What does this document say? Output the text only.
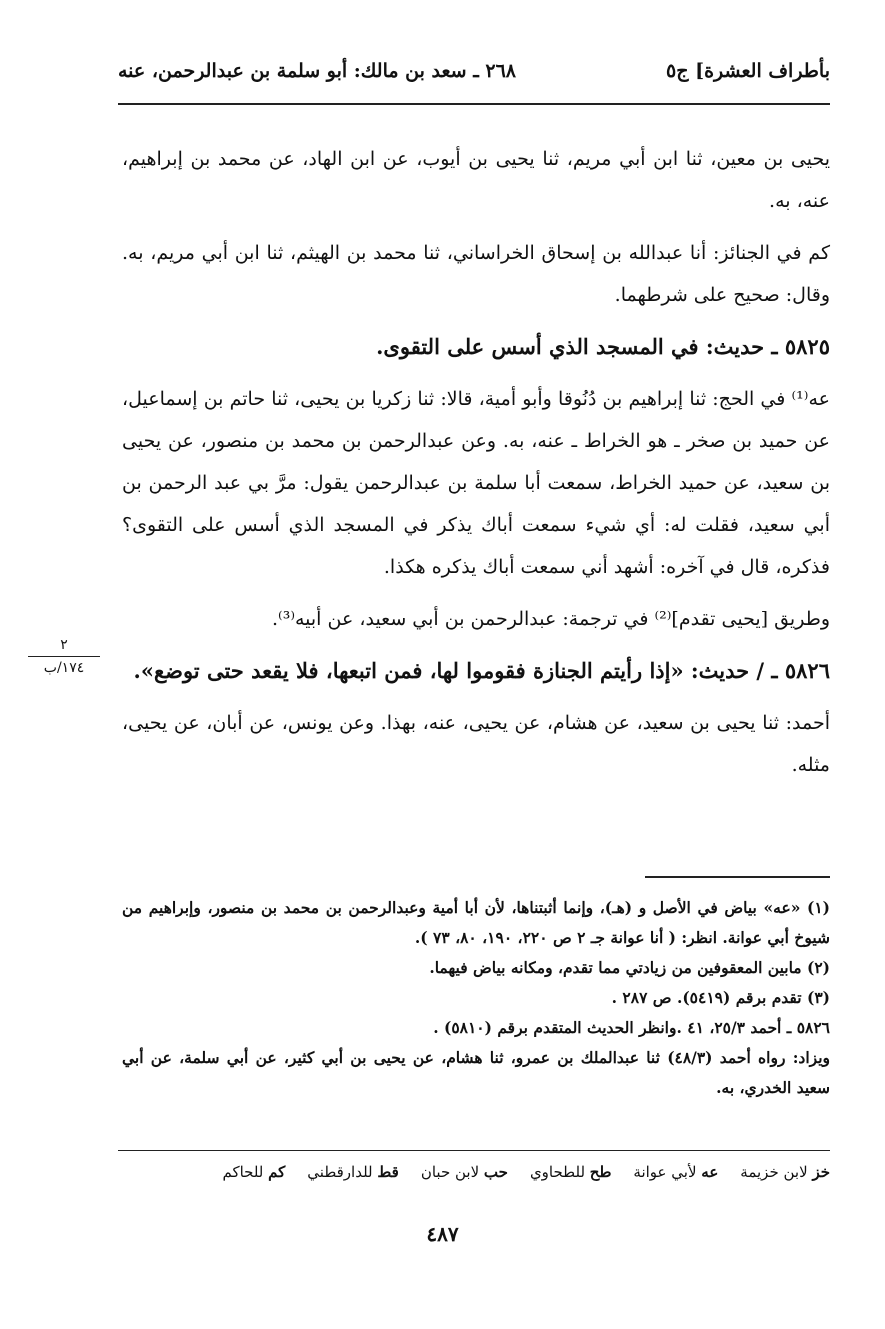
بأطراف العشرة] ج٥
٢٦٨ ـ سعد بن مالك: أبو سلمة بن عبدالرحمن، عنه

يحيى بن معين، ثنا ابن أبي مريم، ثنا يحيى بن أيوب، عن ابن الهاد، عن محمد بن إبراهيم، عنه، به.

كم في الجنائز: أنا عبدالله بن إسحاق الخراساني، ثنا محمد بن الهيثم، ثنا ابن أبي مريم، به. وقال: صحيح على شرطهما.

٥٨٢٥ ـ حديث: في المسجد الذي أسس على التقوى.

عه⁽¹⁾ في الحج: ثنا إبراهيم بن دُنُوقا وأبو أمية، قالا: ثنا زكريا بن يحيى، ثنا حاتم بن إسماعيل، عن حميد بن صخر ـ هو الخراط ـ عنه، به. وعن عبدالرحمن بن محمد بن منصور، عن يحيى بن سعيد، عن حميد الخراط، سمعت أبا سلمة بن عبدالرحمن يقول: مرَّ بي عبد الرحمن بن أبي سعيد، فقلت له: أي شيء سمعت أباك يذكر في المسجد الذي أسس على التقوى؟ فذكره، قال في آخره: أشهد أني سمعت أباك يذكره هكذا.

وطريق [يحيى تقدم]⁽²⁾ في ترجمة: عبدالرحمن بن أبي سعيد، عن أبيه⁽³⁾.

٥٨٢٦ ـ / حديث: «إذا رأيتم الجنازة فقوموا لها، فمن اتبعها، فلا يقعد حتى توضع».

أحمد: ثنا يحيى بن سعيد، عن هشام، عن يحيى، عنه، بهذا. وعن يونس، عن أبان، عن يحيى، مثله.

٢
١٧٤/ب

(١) «عه» بياض في الأصل و (هـ)، وإنما أثبتناها، لأن أبا أمية وعبدالرحمن بن محمد بن منصور، وإبراهيم من شيوخ أبي عوانة. انظر: ( أنا عوانة جـ ٢ ص ٢٢٠، ١٩٠، ٨٠، ٧٣ ).

(٢) مابين المعقوفين من زيادتي مما تقدم، ومكانه بياض فيهما.

(٣) تقدم برقم (٥٤١٩). ص ٢٨٧ .

٥٨٢٦ ـ أحمد ٢٥/٣، ٤١ .وانظر الحديث المتقدم برقم (٥٨١٠) .

ويزاد: رواه أحمد (٤٨/٣) ثنا عبدالملك بن عمرو، ثنا هشام، عن يحيى بن أبي كثير، عن أبي سلمة، عن أبي سعيد الخدري، به.

خز لابن خزيمة
عه لأبي عوانة
طح للطحاوي
حب لابن حبان
قط للدارقطني
كم للحاكم
٤٨٧
